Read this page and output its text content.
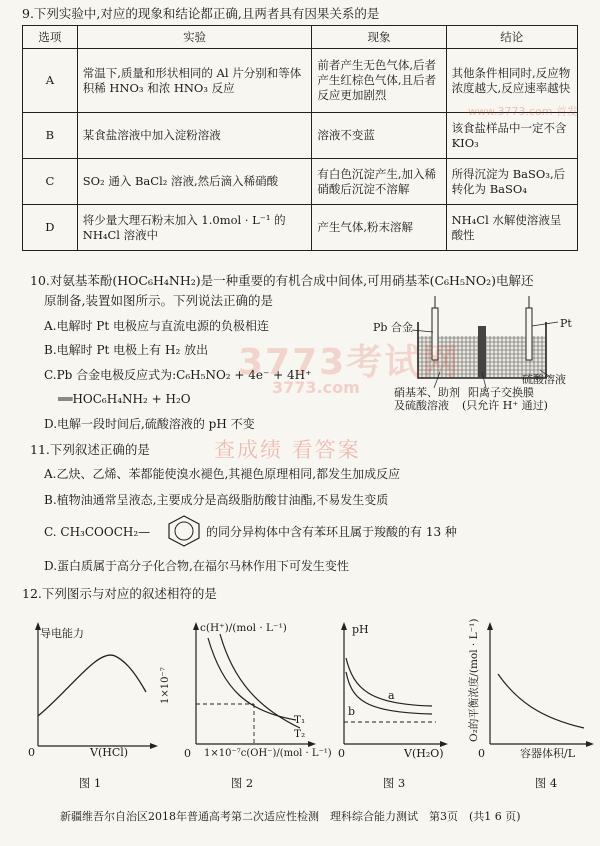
9.下列实验中,对应的现象和结论都正确,且两者具有因果关系的是
选项	实验	现象	结论
A	常温下,质量和形状相同的 Al 片分别和等体积稀 HNO₃ 和浓 HNO₃ 反应	前者产生无色气体,后者产生红棕色气体,且后者反应更加剧烈	其他条件相同时,反应物浓度越大,反应速率越快
B	某食盐溶液中加入淀粉溶液	溶液不变蓝	该食盐样品中一定不含 KIO₃
C	SO₂ 通入 BaCl₂ 溶液,然后滴入稀硝酸	有白色沉淀产生,加入稀硝酸后沉淀不溶解	所得沉淀为 BaSO₃,后转化为 BaSO₄
D	将少量大理石粉末加入 1.0mol · L⁻¹ 的 NH₄Cl 溶液中	产生气体,粉末溶解	NH₄Cl 水解使溶液呈酸性
10.对氨基苯酚(HOC₆H₄NH₂)是一种重要的有机合成中间体,可用硝基苯(C₆H₅NO₂)电解还
原制备,装置如图所示。下列说法正确的是
A.电解时 Pt 电极应与直流电源的负极相连
B.电解时 Pt 电极上有 H₂ 放出
C.Pb 合金电极反应式为:C₆H₅NO₂ + 4e⁻ + 4H⁺
══HOC₆H₄NH₂ + H₂O
D.电解一段时间后,硫酸溶液的 pH 不变
Pb 合金	Pt
硫酸溶液
硝基苯、助剂
及硫酸溶液
阳离子交换膜
(只允许 H⁺ 通过)
11.下列叙述正确的是
A.乙炔、乙烯、苯都能使溴水褪色,其褪色原理相同,都发生加成反应
B.植物油通常呈液态,主要成分是高级脂肪酸甘油酯,不易发生变质
C. CH₃COOCH₂—	的同分异构体中含有苯环且属于羧酸的有 13 种
D.蛋白质属于高分子化合物,在福尔马林作用下可发生变性
12.下列图示与对应的叙述相符的是
导电能力
0	V(HCl)
图 1
c(H⁺)/(mol · L⁻¹)
1×10⁻⁷
T₁
T₂
0 1×10⁻⁷c(OH⁻)/(mol · L⁻¹)
图 2
pH
a
b
0	V(H₂O)
图 3
O₂的平衡浓度/(mol · L⁻¹)
0	容器体积/L
图 4
3773考试网
3773.com
查成绩 看答案
www.3773.com 首发
新疆维吾尔自治区2018年普通高考第二次适应性检测　理科综合能力测试　第3页　(共1 6 页)
